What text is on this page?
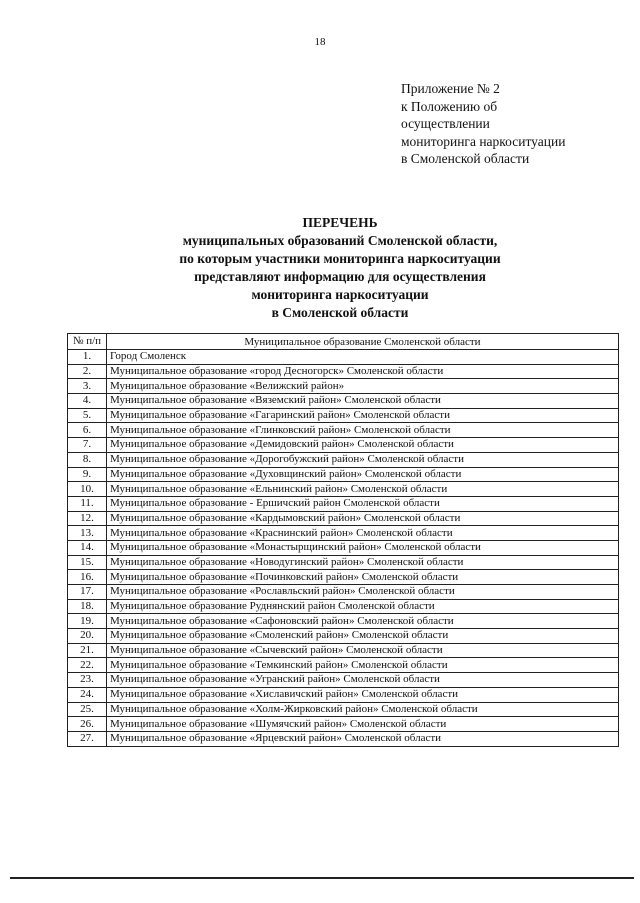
18
Приложение № 2
к Положению об
осуществлении
мониторинга наркоситуации
в Смоленской области
ПЕРЕЧЕНЬ
муниципальных образований Смоленской области,
по которым участники мониторинга наркоситуации
представляют информацию для осуществления
мониторинга наркоситуации
в Смоленской области
№ п/п	Муниципальное образование Смоленской области
1.	Город Смоленск
2.	Муниципальное образование «город Десногорск» Смоленской области
3.	Муниципальное образование «Велижский район»
4.	Муниципальное образование «Вяземский район» Смоленской области
5.	Муниципальное образование «Гагаринский район» Смоленской области
6.	Муниципальное образование «Глинковский район» Смоленской области
7.	Муниципальное образование «Демидовский район» Смоленской области
8.	Муниципальное образование «Дорогобужский район» Смоленской области
9.	Муниципальное образование «Духовщинский район» Смоленской области
10.	Муниципальное образование «Ельнинский район» Смоленской области
11.	Муниципальное образование - Ершичский район Смоленской области
12.	Муниципальное образование «Кардымовский район» Смоленской области
13.	Муниципальное образование «Краснинский район» Смоленской области
14.	Муниципальное образование «Монастырщинский район» Смоленской области
15.	Муниципальное образование «Новодугинский район» Смоленской области
16.	Муниципальное образование «Починковский район» Смоленской области
17.	Муниципальное образование «Рославльский район» Смоленской области
18.	Муниципальное образование Руднянский район Смоленской области
19.	Муниципальное образование «Сафоновский район» Смоленской области
20.	Муниципальное образование «Смоленский район» Смоленской области
21.	Муниципальное образование «Сычевский район» Смоленской области
22.	Муниципальное образование «Темкинский район» Смоленской области
23.	Муниципальное образование «Угранский район» Смоленской области
24.	Муниципальное образование «Хиславичский район» Смоленской области
25.	Муниципальное образование «Холм-Жирковский район» Смоленской области
26.	Муниципальное образование «Шумячский район» Смоленской области
27.	Муниципальное образование «Ярцевский район» Смоленской области
